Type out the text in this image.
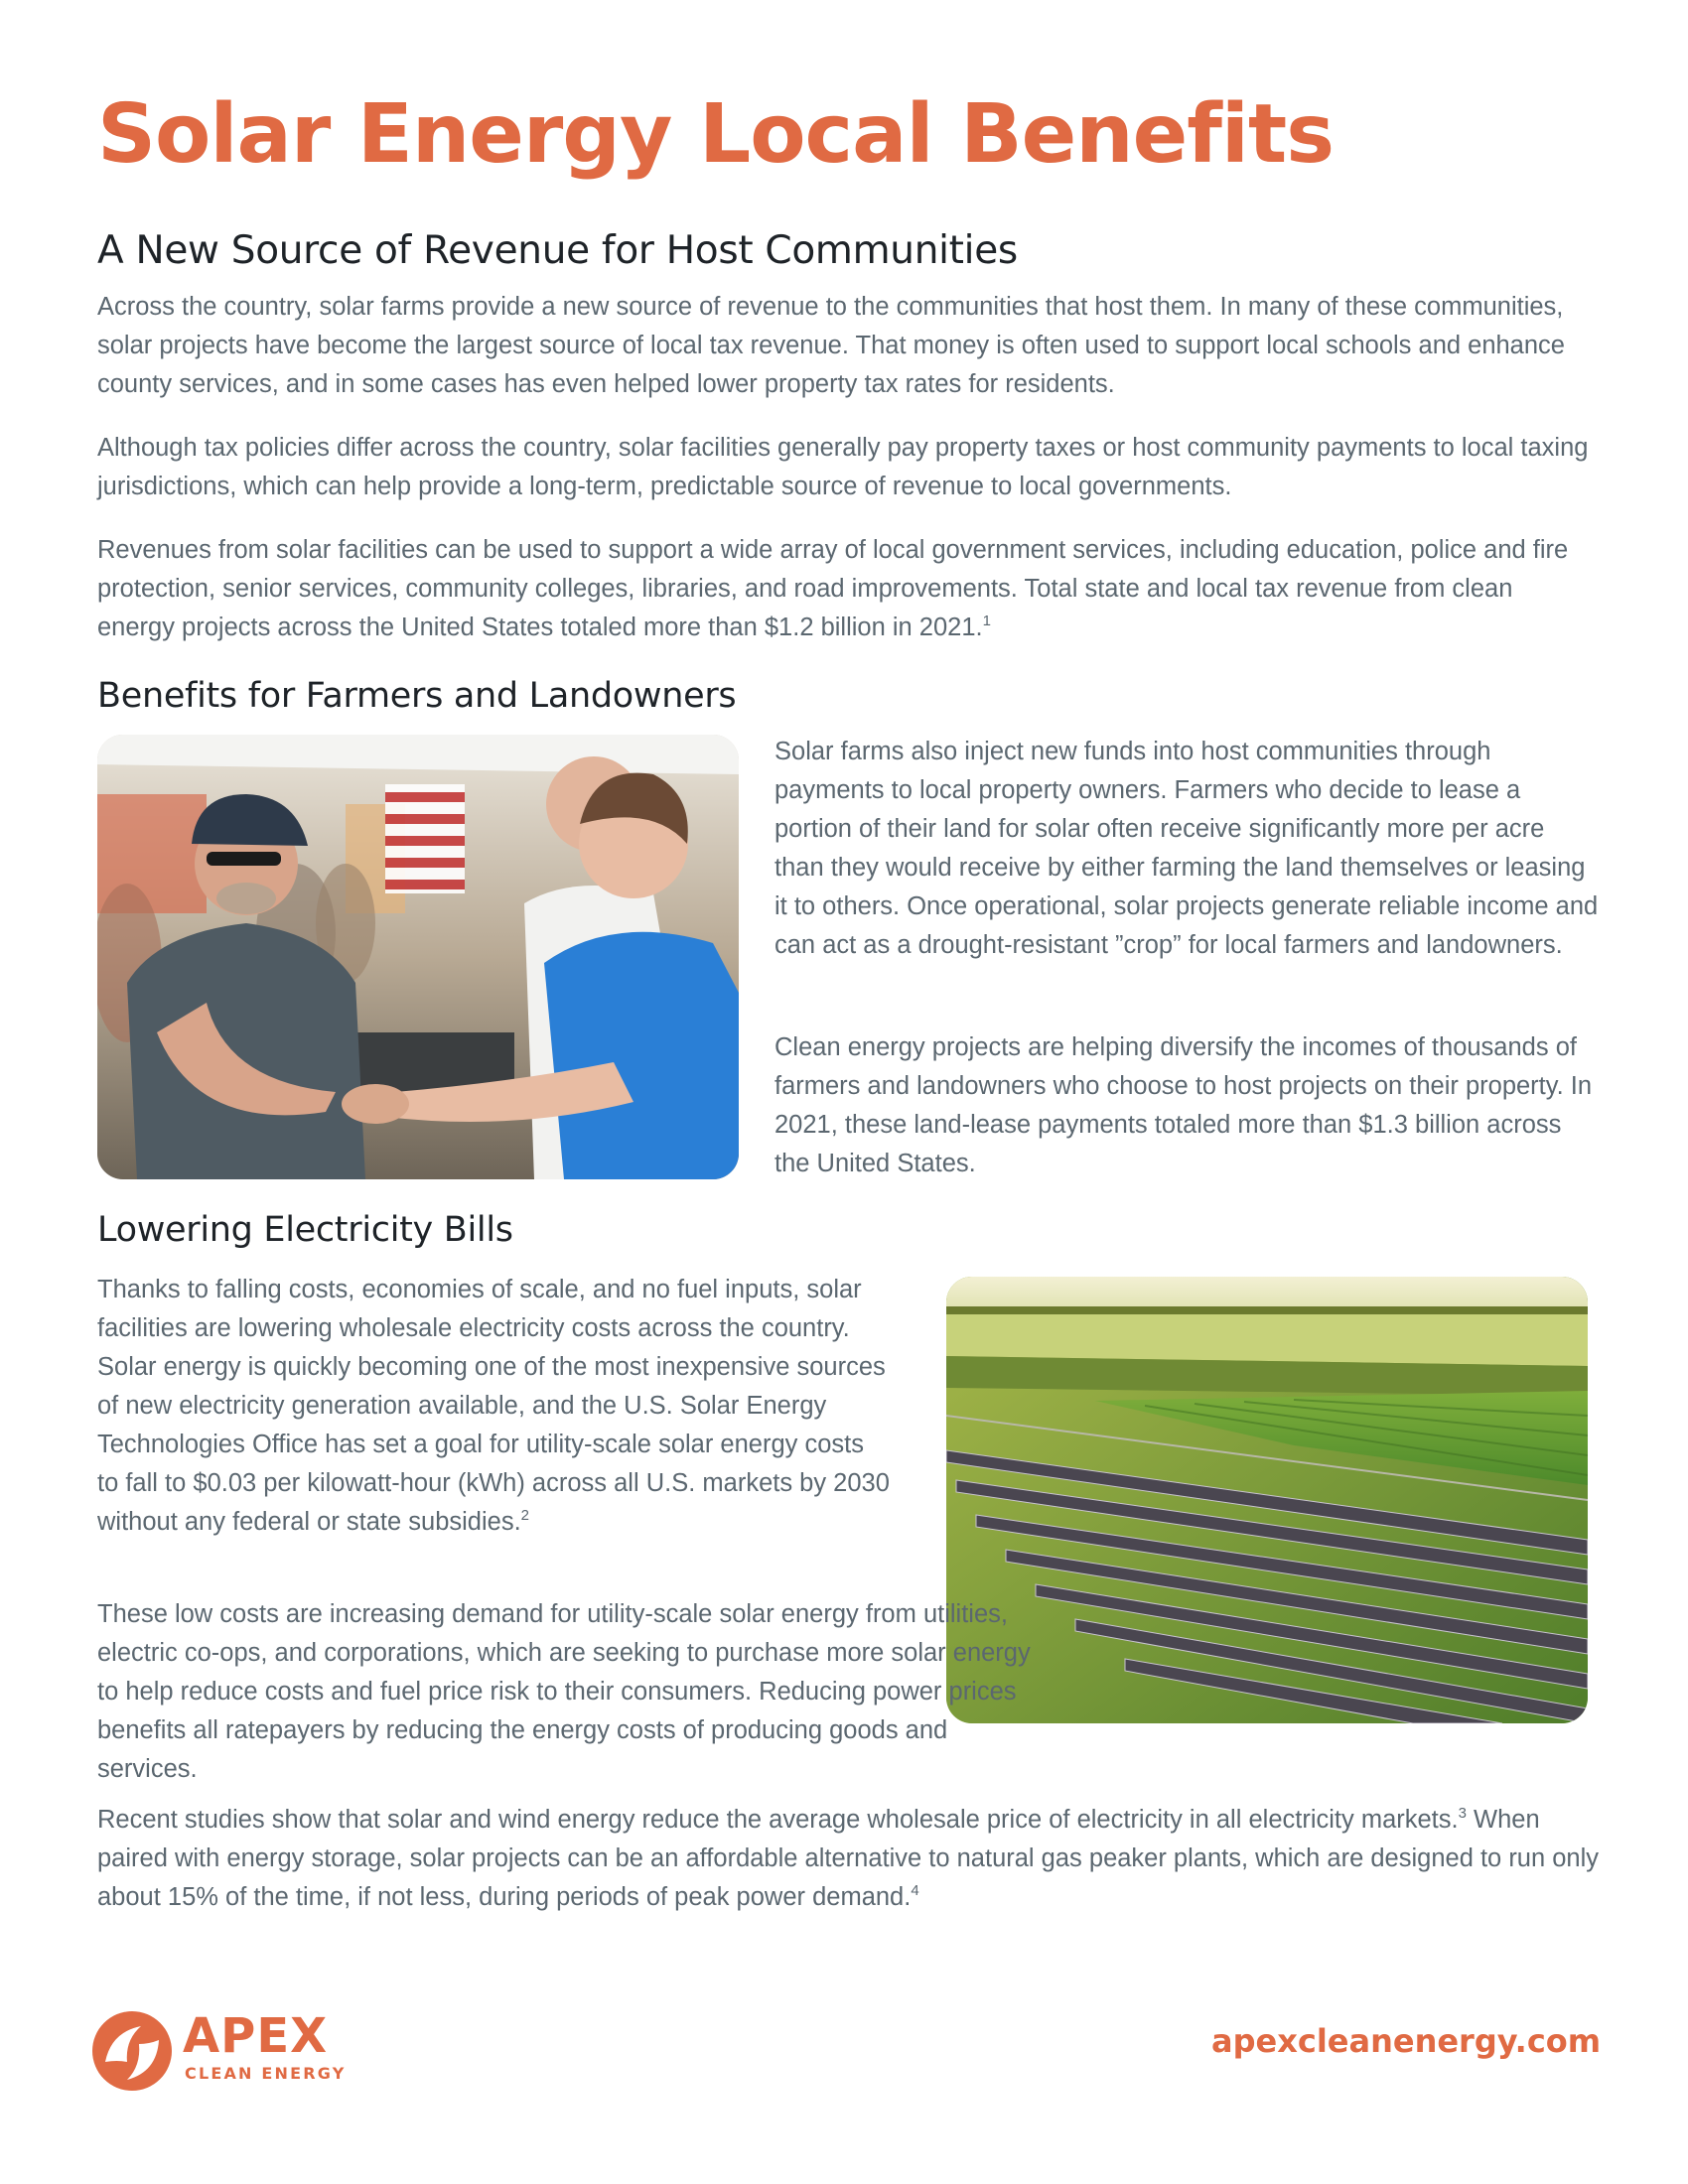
Solar Energy Local Benefits
A New Source of Revenue for Host Communities

Across the country, solar farms provide a new source of revenue to the communities that host them. In many of these communities, solar projects have become the largest source of local tax revenue. That money is often used to support local schools and enhance county services, and in some cases has even helped lower property tax rates for residents.

Although tax policies differ across the country, solar facilities generally pay property taxes or host community payments to local taxing jurisdictions, which can help provide a long-term, predictable source of revenue to local governments.

Revenues from solar facilities can be used to support a wide array of local government services, including education, police and fire protection, senior services, community colleges, libraries, and road improvements. Total state and local tax revenue from clean energy projects across the United States totaled more than $1.2 billion in 2021.$^1$

Benefits for Farmers and Landowners

Solar farms also inject new funds into host communities through payments to local property owners. Farmers who decide to lease a portion of their land for solar often receive significantly more per acre than they would receive by either farming the land themselves or leasing it to others. Once operational, solar projects generate reliable income and can act as a drought-resistant ”crop” for local farmers and landowners.

Clean energy projects are helping diversify the incomes of thousands of farmers and landowners who choose to host projects on their property. In 2021, these land-lease payments totaled more than $1.3 billion across the United States.

Lowering Electricity Bills

Thanks to falling costs, economies of scale, and no fuel inputs, solar facilities are lowering wholesale electricity costs across the country. Solar energy is quickly becoming one of the most inexpensive sources of new electricity generation available, and the U.S. Solar Energy Technologies Office has set a goal for utility-scale solar energy costs to fall to $0.03 per kilowatt-hour (kWh) across all U.S. markets by 2030 without any federal or state subsidies.$^2$

These low costs are increasing demand for utility-scale solar energy from utilities, electric co-ops, and corporations, which are seeking to purchase more solar energy to help reduce costs and fuel price risk to their consumers. Reducing power prices benefits all ratepayers by reducing the energy costs of producing goods and services.

Recent studies show that solar and wind energy reduce the average wholesale price of electricity in all electricity markets.$^3$ When paired with energy storage, solar projects can be an affordable alternative to natural gas peaker plants, which are designed to run only about 15% of the time, if not less, during periods of peak power demand.$^4$

APEX
CLEAN ENERGY
apexcleanenergy.com
